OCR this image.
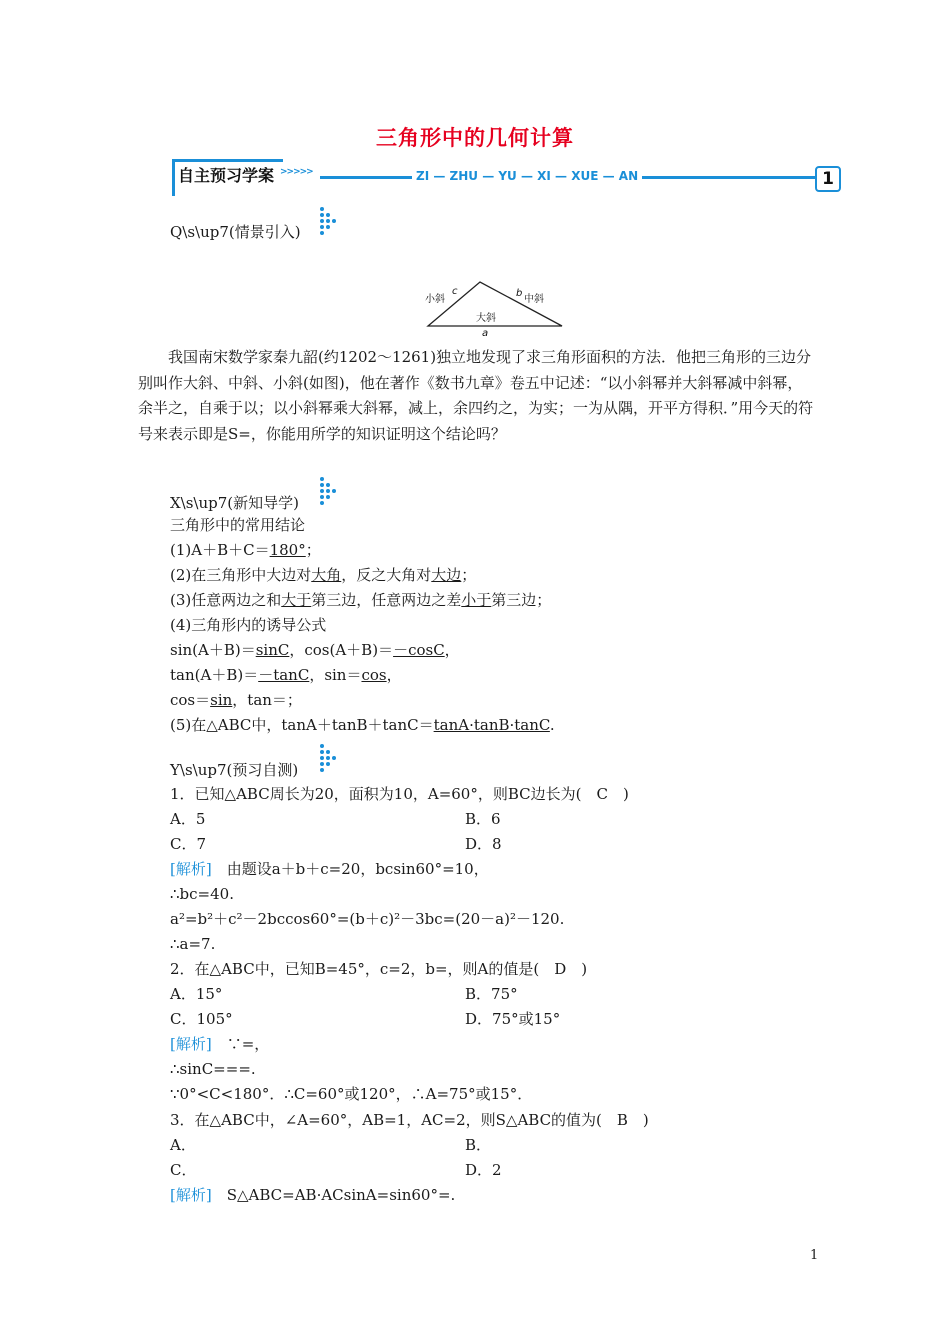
三角形中的几何计算
自主预习学案 >>>>>	ZI — ZHU — YU — XI — XUE — AN	1
Q\s\up7(情景引入)
小斜
c	b
中斜
大斜
a
我国南宋数学家秦九韶(约1202～1261)独立地发现了求三角形面积的方法．他把三角形的三边分别叫作大斜、中斜、小斜(如图)，他在著作《数书九章》卷五中记述：“以小斜幂并大斜幂减中斜幂，余半之，自乘于以；以小斜幂乘大斜幂，减上，余四约之，为实；一为从隅，开平方得积．”用今天的符号来表示即是S=，你能用所学的知识证明这个结论吗？
X\s\up7(新知导学)
三角形中的常用结论
(1)A＋B＋C＝180°；
(2)在三角形中大边对大角，反之大角对大边；
(3)任意两边之和大于第三边，任意两边之差小于第三边；
(4)三角形内的诱导公式
sin(A＋B)＝sinC，cos(A＋B)＝－cosC，
tan(A＋B)＝－tanC，sin＝cos，
cos＝sin，tan＝；
(5)在△ABC中，tanA＋tanB＋tanC＝tanA·tanB·tanC.
Y\s\up7(预习自测)
1．已知△ABC周长为20，面积为10，A=60°，则BC边长为(　C　)
A．5	B．6
C．7	D．8
[解析]　由题设a＋b＋c=20，bcsin60°=10，
∴bc=40.
a²=b²＋c²－2bccos60°=(b＋c)²－3bc=(20－a)²－120.
∴a=7.
2．在△ABC中，已知B=45°，c=2，b=，则A的值是(　D　)
A．15°	B．75°
C．105°	D．75°或15°
[解析]　∵=，
∴sinC===.
∵0°<C<180°．∴C=60°或120°，∴A=75°或15°．
3．在△ABC中，∠A=60°，AB=1，AC=2，则S△ABC的值为(　B　)
A．	B．
C．	D．2
[解析]　S△ABC=AB·ACsinA=sin60°=.
1
